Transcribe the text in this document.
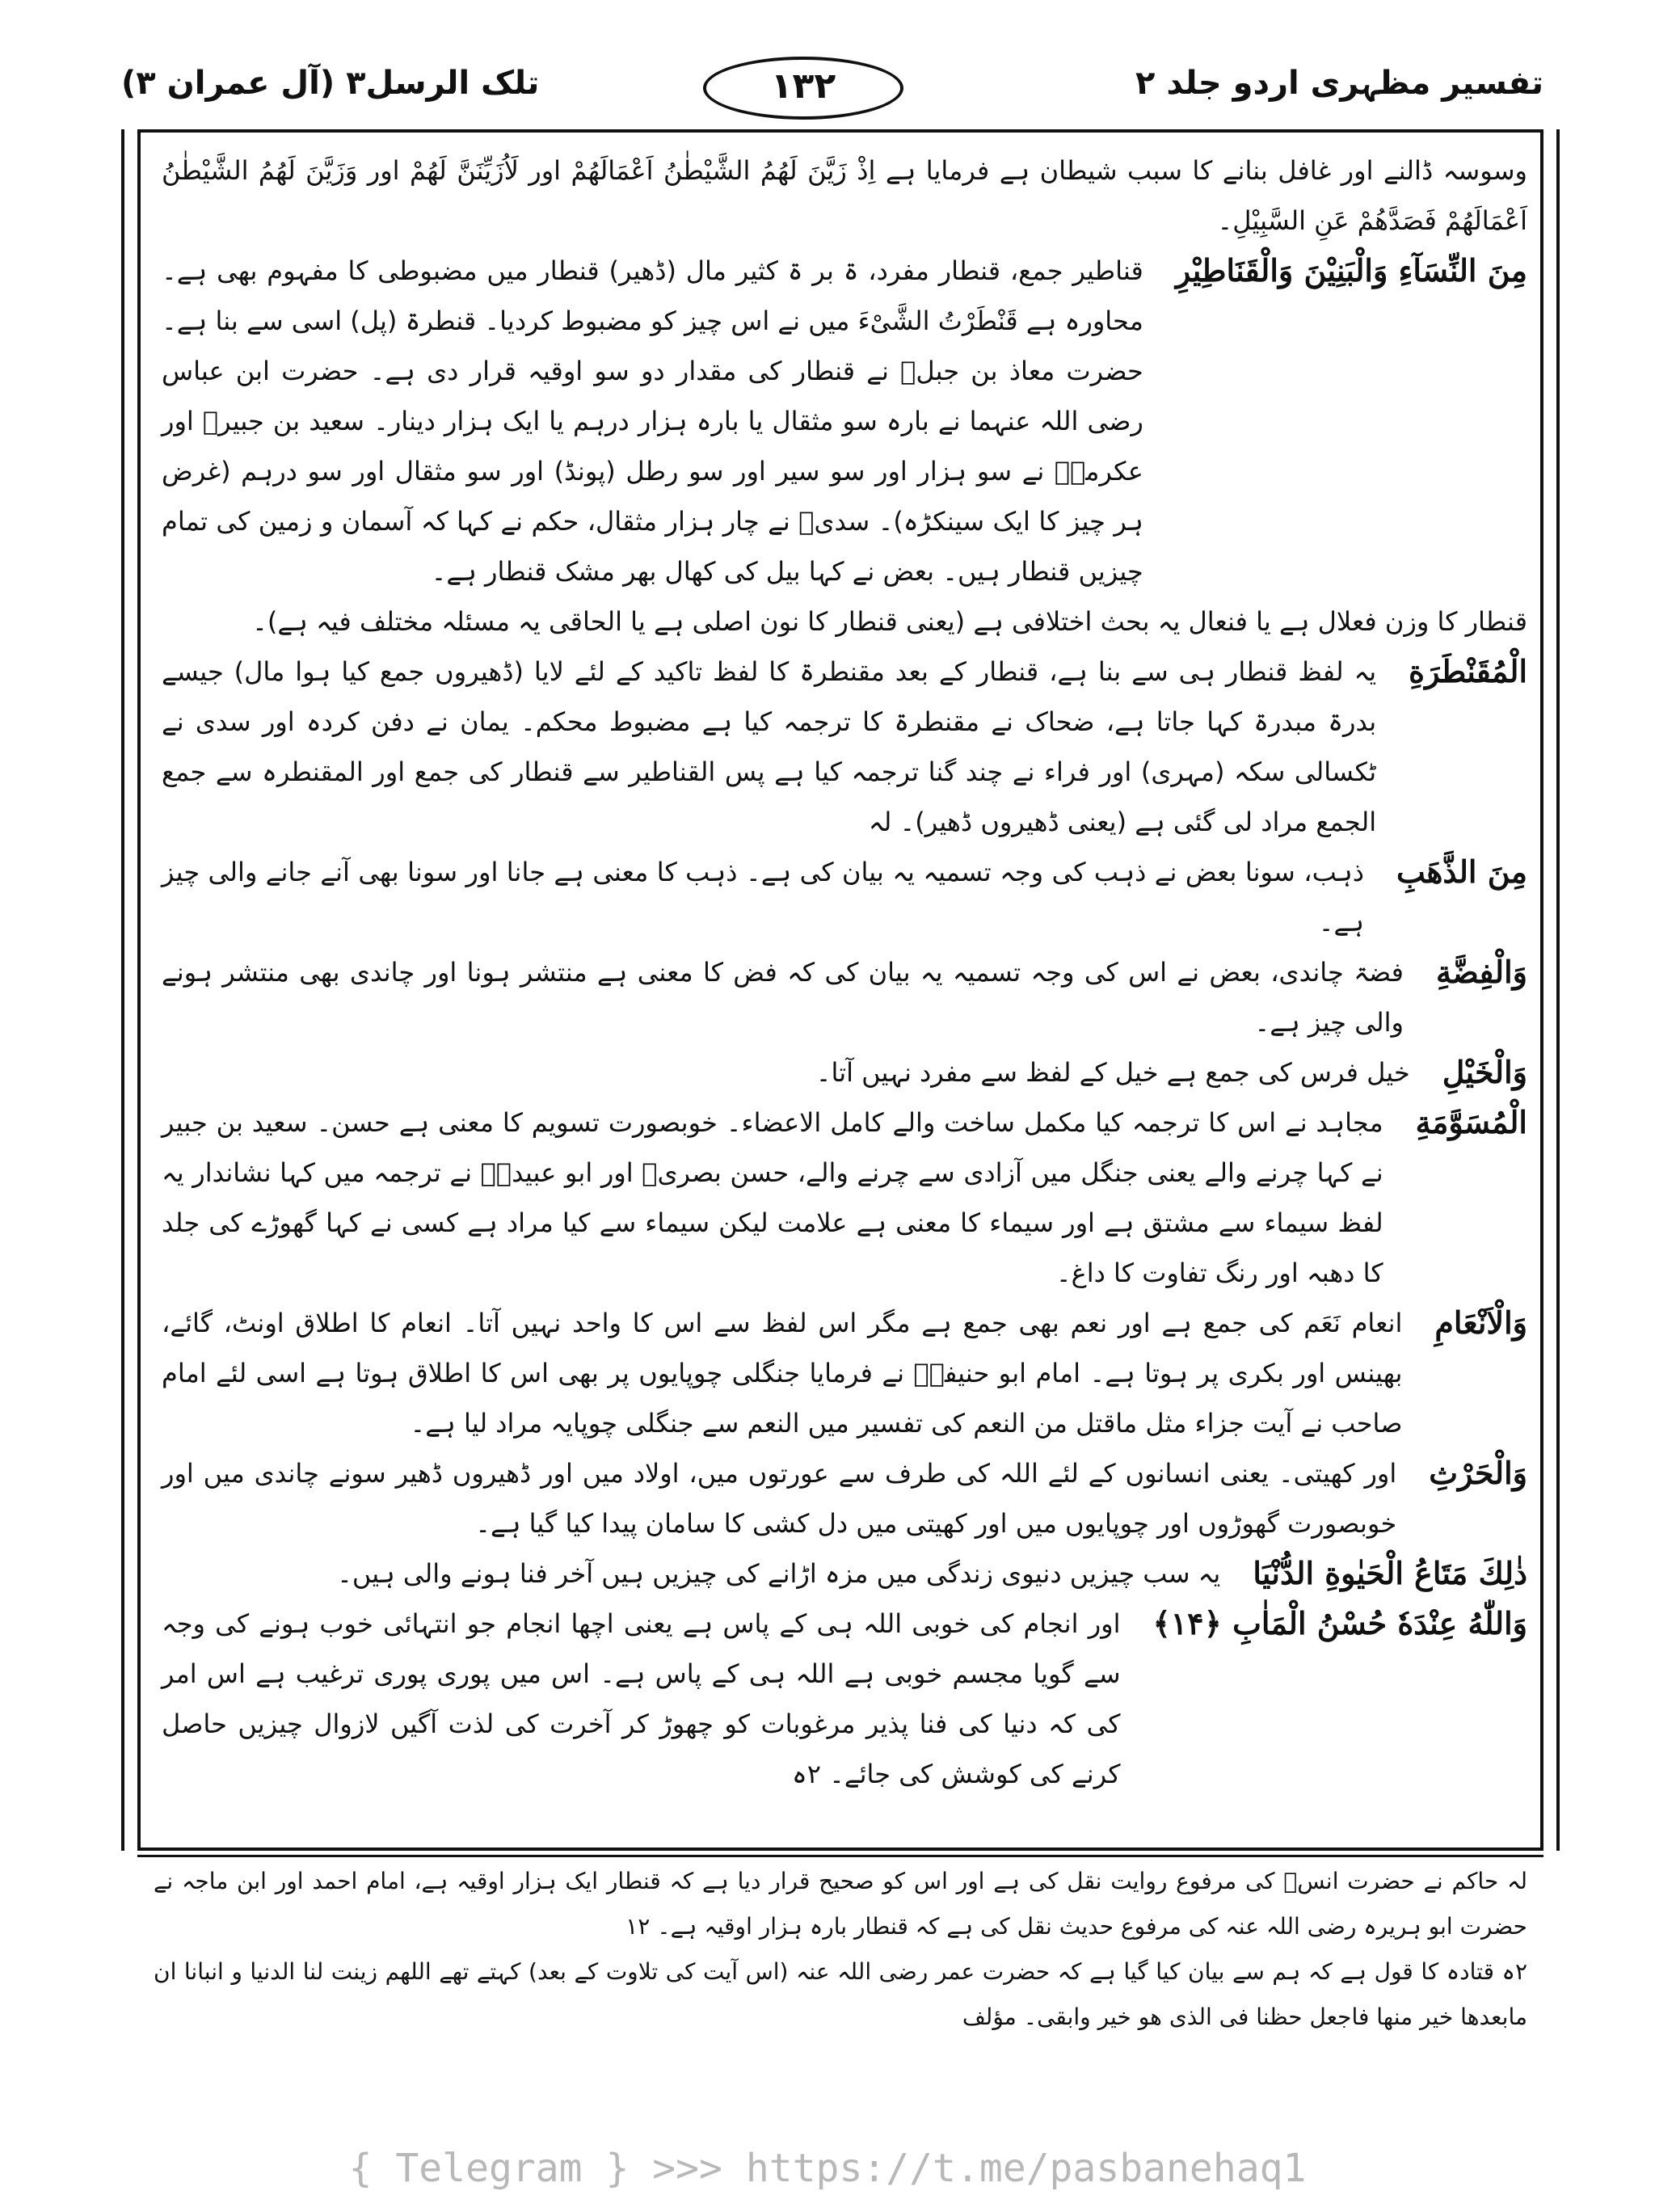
تفسیر مظہری اردو جلد ۲
۱۳۲
تلک الرسل۳ (آل عمران ۳)

وسوسہ ڈالنے اور غافل بنانے کا سبب شیطان ہے فرمایا ہے اِذْ زَیَّنَ لَهُمُ الشَّیْطٰنُ اَعْمَالَهُمْ اور لَاُزَیِّنَنَّ لَهُمْ اور وَزَیَّنَ لَهُمُ الشَّیْطٰنُ اَعْمَالَهُمْ فَصَدَّهُمْ عَنِ السَّبِیْلِ۔

مِنَ النِّسَآءِ وَالْبَنِیْنَ وَالْقَنَاطِیْرِ
قناطیر جمع، قنطار مفرد، ۃ بر ۃ کثیر مال (ڈھیر) قنطار میں مضبوطی کا مفہوم بھی ہے۔ محاورہ ہے قَنْطَرْتُ الشَّیْءَ میں نے اس چیز کو مضبوط کردیا۔ قنطرۃ (پل) اسی سے بنا ہے۔ حضرت معاذ بن جبلؓ نے قنطار کی مقدار دو سو اوقیہ قرار دی ہے۔ حضرت ابن عباس رضی اللہ عنہما نے بارہ سو مثقال یا بارہ ہزار درہم یا ایک ہزار دینار۔ سعید بن جبیرؒ اور عکرمہؒ نے سو ہزار اور سو سیر اور سو رطل (پونڈ) اور سو مثقال اور سو درہم (غرض ہر چیز کا ایک سینکڑہ)۔ سدیؒ نے چار ہزار مثقال، حکم نے کہا کہ آسمان و زمین کی تمام چیزیں قنطار ہیں۔ بعض نے کہا بیل کی کھال بھر مشک قنطار ہے۔
قنطار کا وزن فعلال ہے یا فنعال یہ بحث اختلافی ہے (یعنی قنطار کا نون اصلی ہے یا الحاقی یہ مسئلہ مختلف فیہ ہے)۔
الْمُقَنْطَرَةِ
یہ لفظ قنطار ہی سے بنا ہے، قنطار کے بعد مقنطرۃ کا لفظ تاکید کے لئے لایا (ڈھیروں جمع کیا ہوا مال) جیسے بدرۃ مبدرۃ کہا جاتا ہے، ضحاک نے مقنطرۃ کا ترجمہ کیا ہے مضبوط محکم۔ یمان نے دفن کردہ اور سدی نے ٹکسالی سکہ (مہری) اور فراء نے چند گنا ترجمہ کیا ہے پس القناطیر سے قنطار کی جمع اور المقنطرہ سے جمع الجمع مراد لی گئی ہے (یعنی ڈھیروں ڈھیر)۔ لہ
مِنَ الذَّهَبِ
ذہب، سونا بعض نے ذہب کی وجہ تسمیہ یہ بیان کی ہے۔ ذہب کا معنی ہے جانا اور سونا بھی آنے جانے والی چیز ہے۔
وَالْفِضَّةِ
فضۃ چاندی، بعض نے اس کی وجہ تسمیہ یہ بیان کی کہ فض کا معنی ہے منتشر ہونا اور چاندی بھی منتشر ہونے والی چیز ہے۔
وَالْخَیْلِ
خیل فرس کی جمع ہے خیل کے لفظ سے مفرد نہیں آتا۔
الْمُسَوَّمَةِ
مجاہد نے اس کا ترجمہ کیا مکمل ساخت والے کامل الاعضاء۔ خوبصورت تسویم کا معنی ہے حسن۔ سعید بن جبیر نے کہا چرنے والے یعنی جنگل میں آزادی سے چرنے والے، حسن بصریؒ اور ابو عبیدہؒ نے ترجمہ میں کہا نشاندار یہ لفظ سیماء سے مشتق ہے اور سیماء کا معنی ہے علامت لیکن سیماء سے کیا مراد ہے کسی نے کہا گھوڑے کی جلد کا دھبہ اور رنگ تفاوت کا داغ۔
وَالْاَنْعَامِ
انعام نَعَم کی جمع ہے اور نعم بھی جمع ہے مگر اس لفظ سے اس کا واحد نہیں آتا۔ انعام کا اطلاق اونٹ، گائے، بھینس اور بکری پر ہوتا ہے۔ امام ابو حنیفہؒ نے فرمایا جنگلی چوپایوں پر بھی اس کا اطلاق ہوتا ہے اسی لئے امام صاحب نے آیت جزاء مثل ماقتل من النعم کی تفسیر میں النعم سے جنگلی چوپایہ مراد لیا ہے۔
وَالْحَرْثِ
اور کھیتی۔ یعنی انسانوں کے لئے اللہ کی طرف سے عورتوں میں، اولاد میں اور ڈھیروں ڈھیر سونے چاندی میں اور خوبصورت گھوڑوں اور چوپایوں میں اور کھیتی میں دل کشی کا سامان پیدا کیا گیا ہے۔
ذٰلِكَ مَتَاعُ الْحَیٰوةِ الدُّنْیَا
یہ سب چیزیں دنیوی زندگی میں مزہ اڑانے کی چیزیں ہیں آخر فنا ہونے والی ہیں۔
وَاللّٰهُ عِنْدَهٗ حُسْنُ الْمَاٰبِ ﴿۱۴﴾
اور انجام کی خوبی اللہ ہی کے پاس ہے یعنی اچھا انجام جو انتہائی خوب ہونے کی وجہ سے گویا مجسم خوبی ہے اللہ ہی کے پاس ہے۔ اس میں پوری پوری ترغیب ہے اس امر کی کہ دنیا کی فنا پذیر مرغوبات کو چھوڑ کر آخرت کی لذت آگیں لازوال چیزیں حاصل کرنے کی کوشش کی جائے۔ ۲ہ

لہ حاکم نے حضرت انسؓ کی مرفوع روایت نقل کی ہے اور اس کو صحیح قرار دیا ہے کہ قنطار ایک ہزار اوقیہ ہے، امام احمد اور ابن ماجہ نے حضرت ابو ہریرہ رضی اللہ عنہ کی مرفوع حدیث نقل کی ہے کہ قنطار بارہ ہزار اوقیہ ہے۔ ۱۲

۲ہ قتادہ کا قول ہے کہ ہم سے بیان کیا گیا ہے کہ حضرت عمر رضی اللہ عنہ (اس آیت کی تلاوت کے بعد) کہتے تھے اللھم زینت لنا الدنیا و انبانا ان مابعدھا خیر منھا فاجعل حظنا فی الذی ھو خیر وابقی۔ مؤلف

{ Telegram } >>> https://t.me/pasbanehaq1
